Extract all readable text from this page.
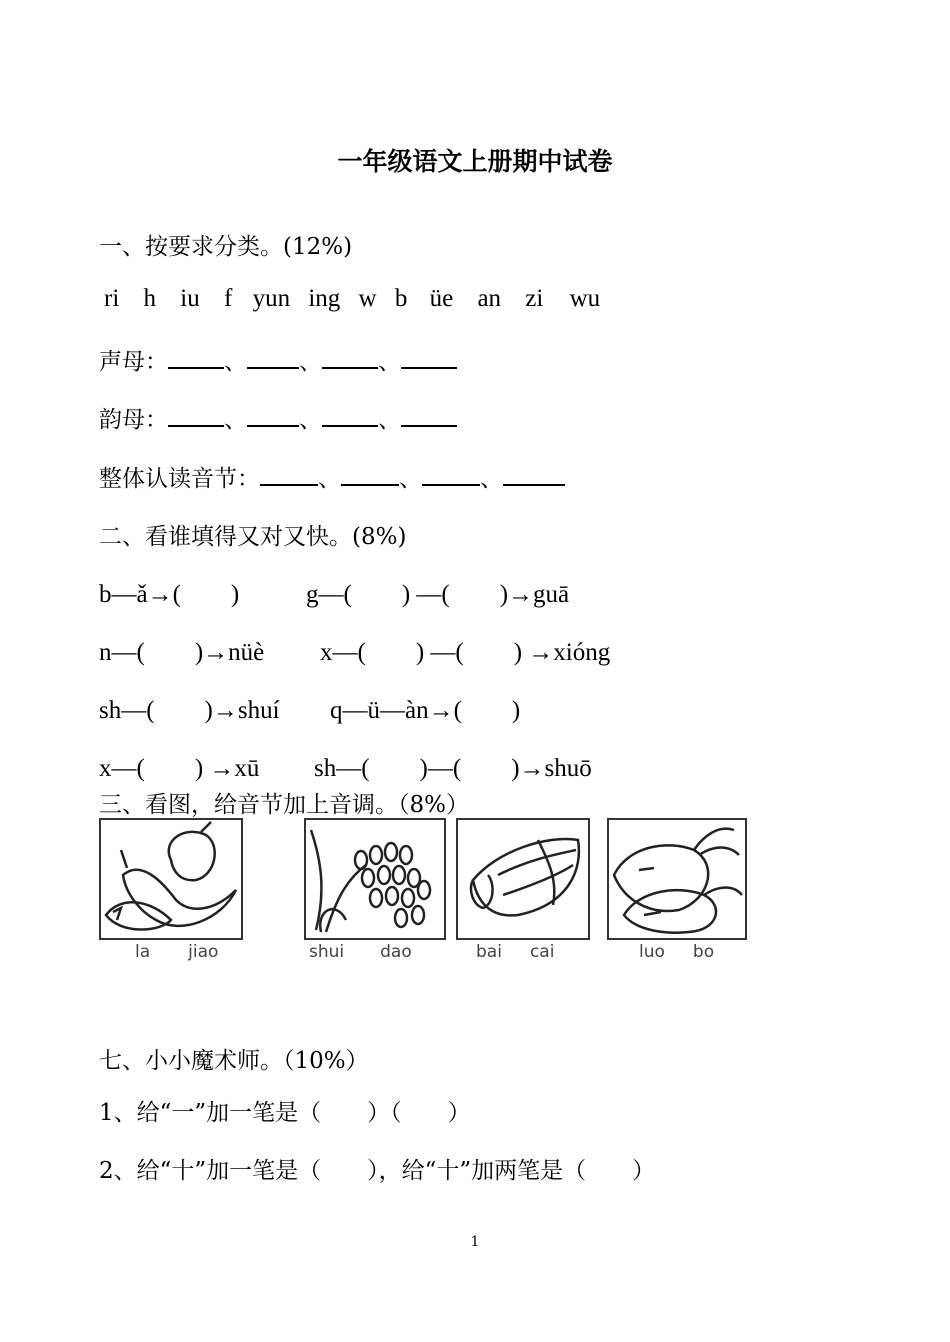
一年级语文上册期中试卷
一、按要求分类。(12%)
ri h iu f yun ing w b üe an zi wu
声母： 、 、 、
韵母： 、 、 、
整体认读音节：	、	、	、
二、看谁填得又对又快。(8%)
b—ǎ→(　　)	g—(　　) —(　　)→guā
n—(　　)→nüè x—(　　) —(　　) →xióng
sh—(　　)→shuí q—ü—àn→(　　)
x—(　　) →xū sh—(　　)—(　　)→shuō
三、看图，给音节加上音调。（8%）
la jiao	shui dao	bai cai	luo bo
七、小小魔术师。（10%）
1、给“一”加一笔是（　　）（　　）
2、给“十”加一笔是（　　），给“十”加两笔是（　　）
1
